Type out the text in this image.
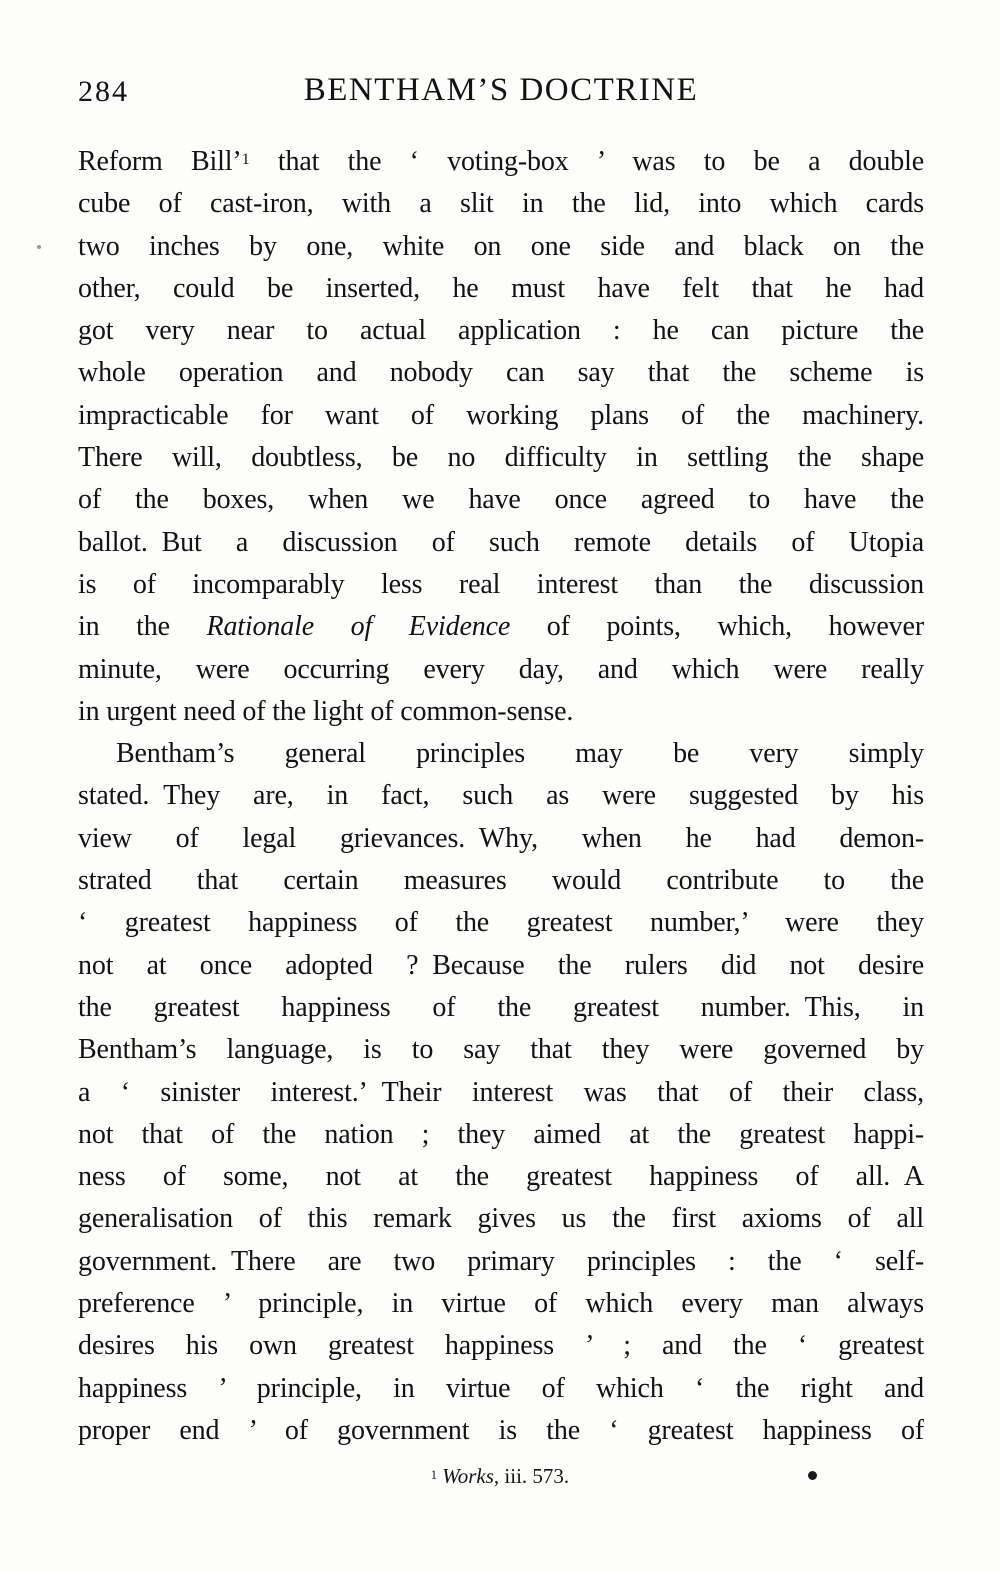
284	BENTHAM’S DOCTRINE
Reform Bill’$^1$ that the ‘ voting-box ’ was to be a double
cube of cast-iron, with a slit in the lid, into which cards
two inches by one, white on one side and black on the
other, could be inserted, he must have felt that he had
got very near to actual application : he can picture the
whole operation and nobody can say that the scheme is
impracticable for want of working plans of the machinery.
There will, doubtless, be no difficulty in settling the shape
of the boxes, when we have once agreed to have the
ballot. But a discussion of such remote details of Utopia
is of incomparably less real interest than the discussion
in the Rationale of Evidence of points, which, however
minute, were occurring every day, and which were really
in urgent need of the light of common-sense.
Bentham’s general principles may be very simply
stated. They are, in fact, such as were suggested by his
view of legal grievances. Why, when he had demon-
strated that certain measures would contribute to the
‘ greatest happiness of the greatest number,’ were they
not at once adopted ? Because the rulers did not desire
the greatest happiness of the greatest number. This, in
Bentham’s language, is to say that they were governed by
a ‘ sinister interest.’ Their interest was that of their class,
not that of the nation ; they aimed at the greatest happi-
ness of some, not at the greatest happiness of all. A
generalisation of this remark gives us the first axioms of all
government. There are two primary principles : the ‘ self-
preference ’ principle, in virtue of which every man always
desires his own greatest happiness ’ ; and the ‘ greatest
happiness ’ principle, in virtue of which ‘ the right and
proper end ’ of government is the ‘ greatest happiness of
$^1$ Works, iii. 573.
